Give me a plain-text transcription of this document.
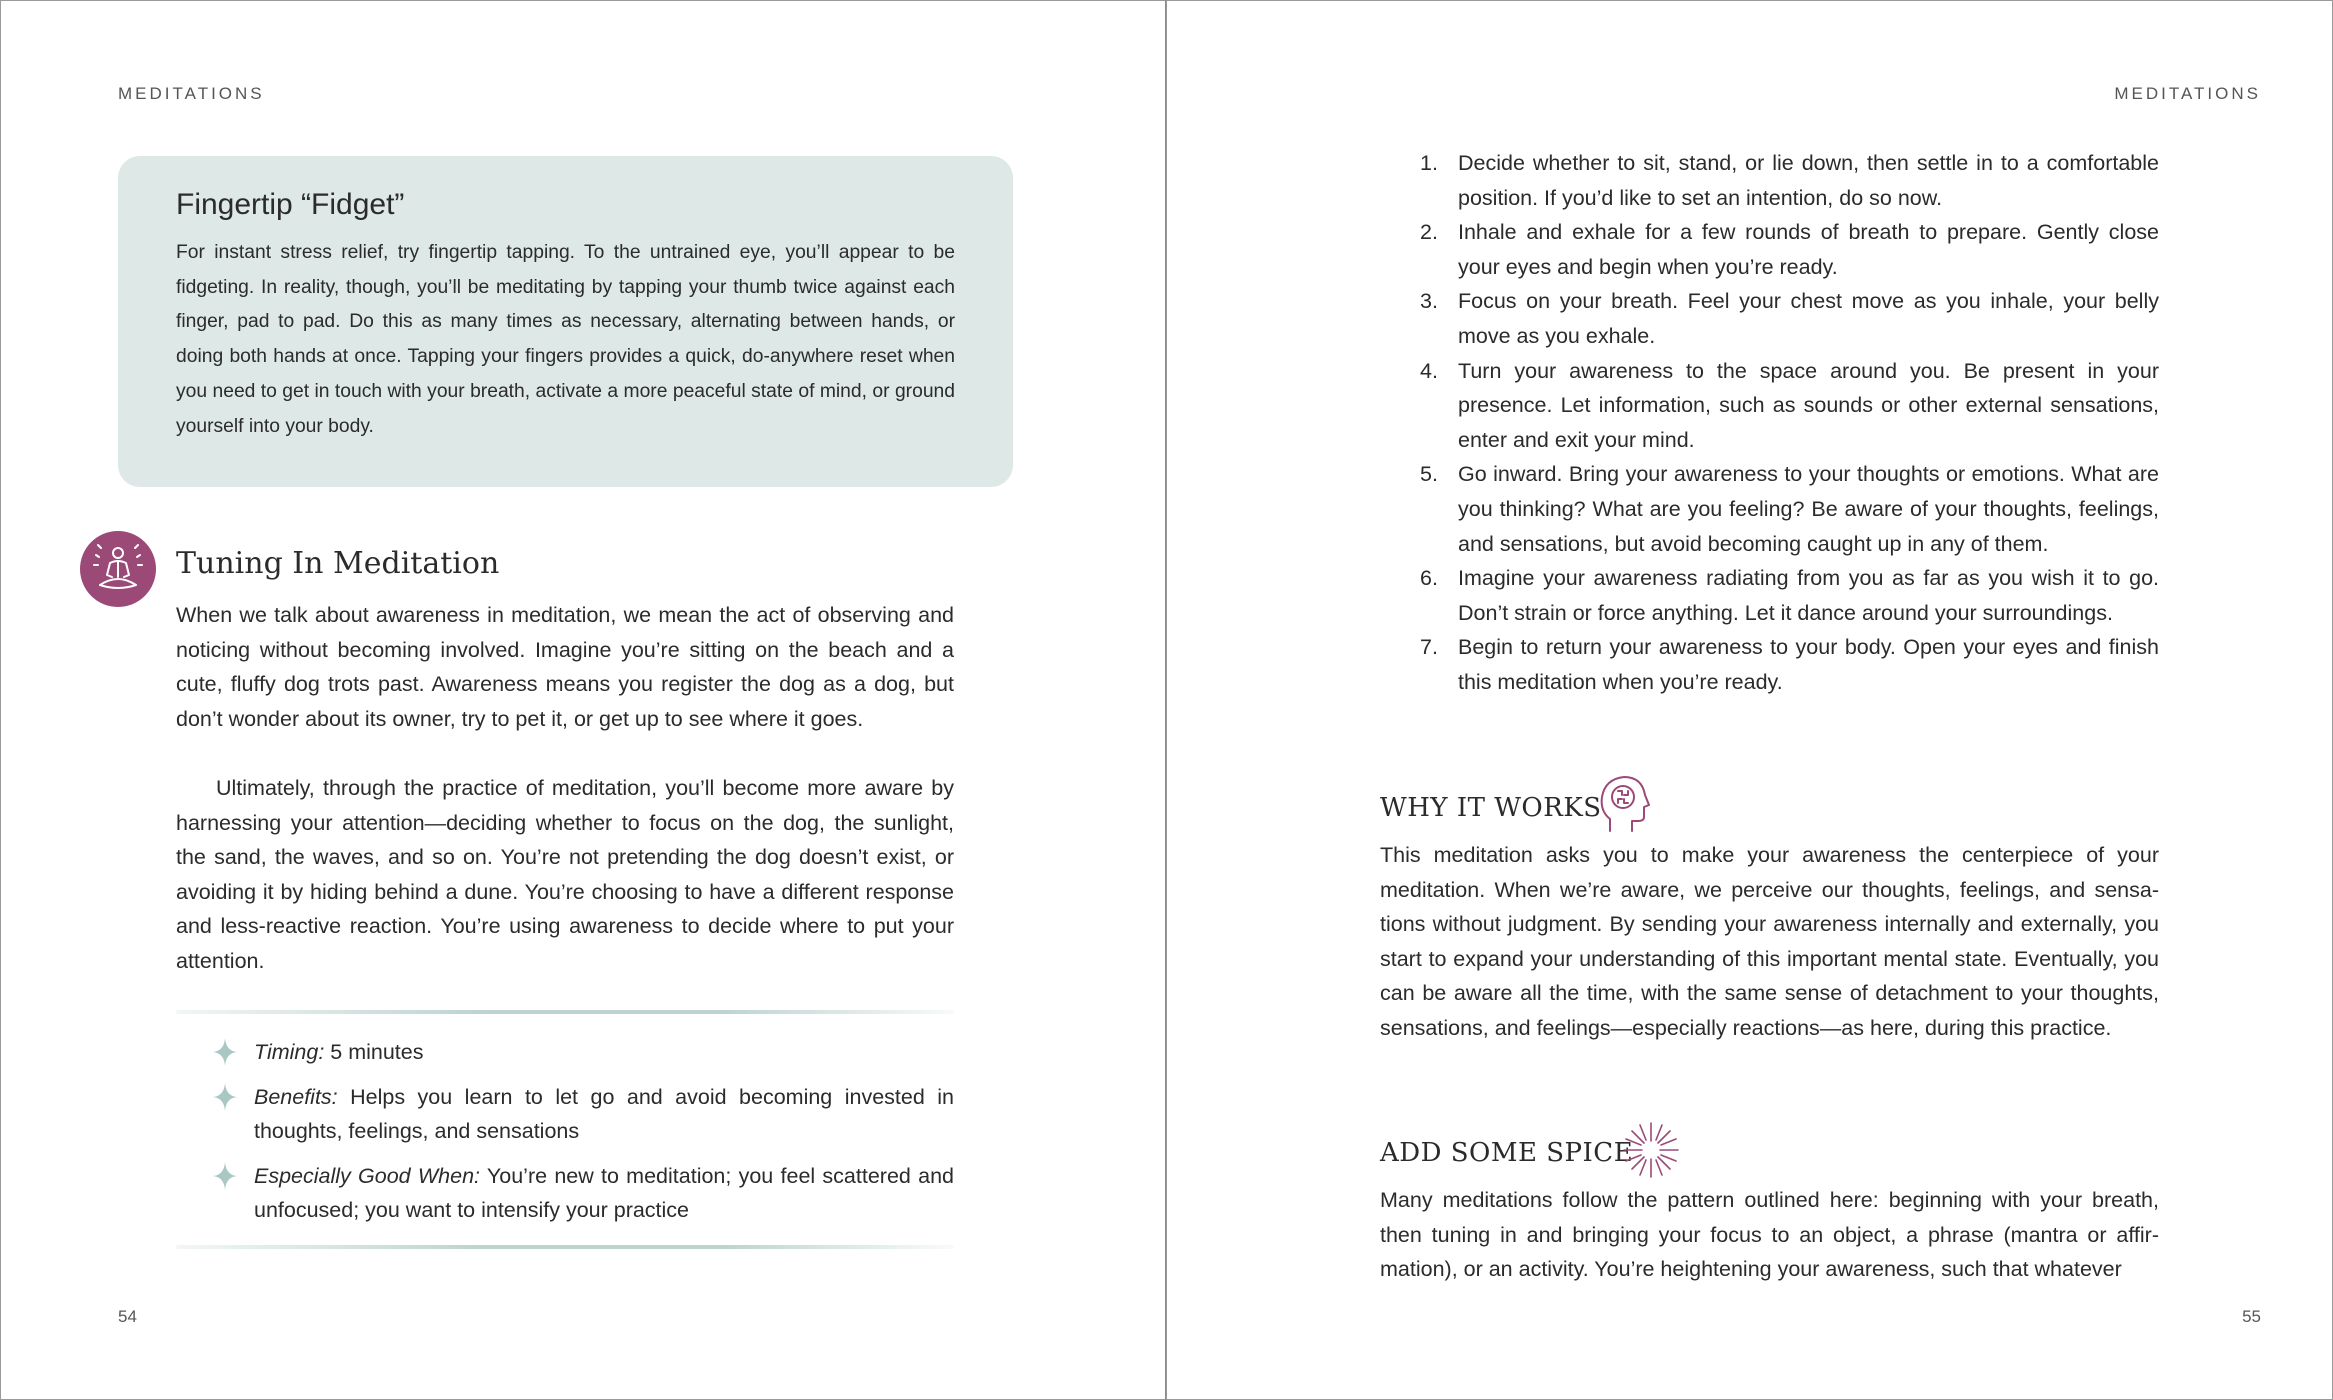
MEDITATIONS
Fingertip “Fidget”

For instant stress relief, try fingertip tapping. To the untrained eye, you’ll appear to be fidgeting. In reality, though, you’ll be meditating by tapping your thumb twice against each finger, pad to pad. Do this as many times as necessary, alternating between hands, or doing both hands at once. Tapping your fingers provides a quick, do-anywhere reset when you need to get in touch with your breath, activate a more peaceful state of mind, or ground yourself into your body.

Tuning In Meditation

When we talk about awareness in meditation, we mean the act of observing and noticing without becoming involved. Imagine you’re sitting on the beach and a cute, fluffy dog trots past. Awareness means you register the dog as a dog, but don’t wonder about its owner, try to pet it, or get up to see where it goes.

Ultimately, through the practice of meditation, you’ll become more aware by harnessing your attention—deciding whether to focus on the dog, the sunlight, the sand, the waves, and so on. You’re not pretending the dog doesn’t exist, or avoiding it by hiding behind a dune. You’re choosing to have a different response and less-reactive reaction. You’re using awareness to decide where to put your attention.

Timing: 5 minutes
Benefits: Helps you learn to let go and avoid becoming invested in thoughts, feelings, and sensations
Especially Good When: You’re new to meditation; you feel scattered and unfocused; you want to intensify your practice
54
MEDITATIONS
55
1. Decide whether to sit, stand, or lie down, then settle in to a comfortable position. If you’d like to set an intention, do so now.
2. Inhale and exhale for a few rounds of breath to prepare. Gently close your eyes and begin when you’re ready.
3. Focus on your breath. Feel your chest move as you inhale, your belly move as you exhale.
4. Turn your awareness to the space around you. Be present in your presence. Let information, such as sounds or other external sensations, enter and exit your mind.
5. Go inward. Bring your awareness to your thoughts or emotions. What are you thinking? What are you feeling? Be aware of your thoughts, feelings, and sensations, but avoid becoming caught up in any of them.
6. Imagine your awareness radiating from you as far as you wish it to go. Don’t strain or force anything. Let it dance around your surroundings.
7. Begin to return your awareness to your body. Open your eyes and finish this meditation when you’re ready.
WHY IT WORKS

This meditation asks you to make your awareness the centerpiece of your meditation. When we’re aware, we perceive our thoughts, feelings, and sensations without judgment. By sending your awareness internally and externally, you start to expand your understanding of this important mental state. Eventually, you can be aware all the time, with the same sense of detachment to your thoughts, sensations, and feelings—especially reactions—as here, during this practice.

ADD SOME SPICE

Many meditations follow the pattern outlined here: beginning with your breath, then tuning in and bringing your focus to an object, a phrase (mantra or affirmation), or an activity. You’re heightening your awareness, such that whatever
